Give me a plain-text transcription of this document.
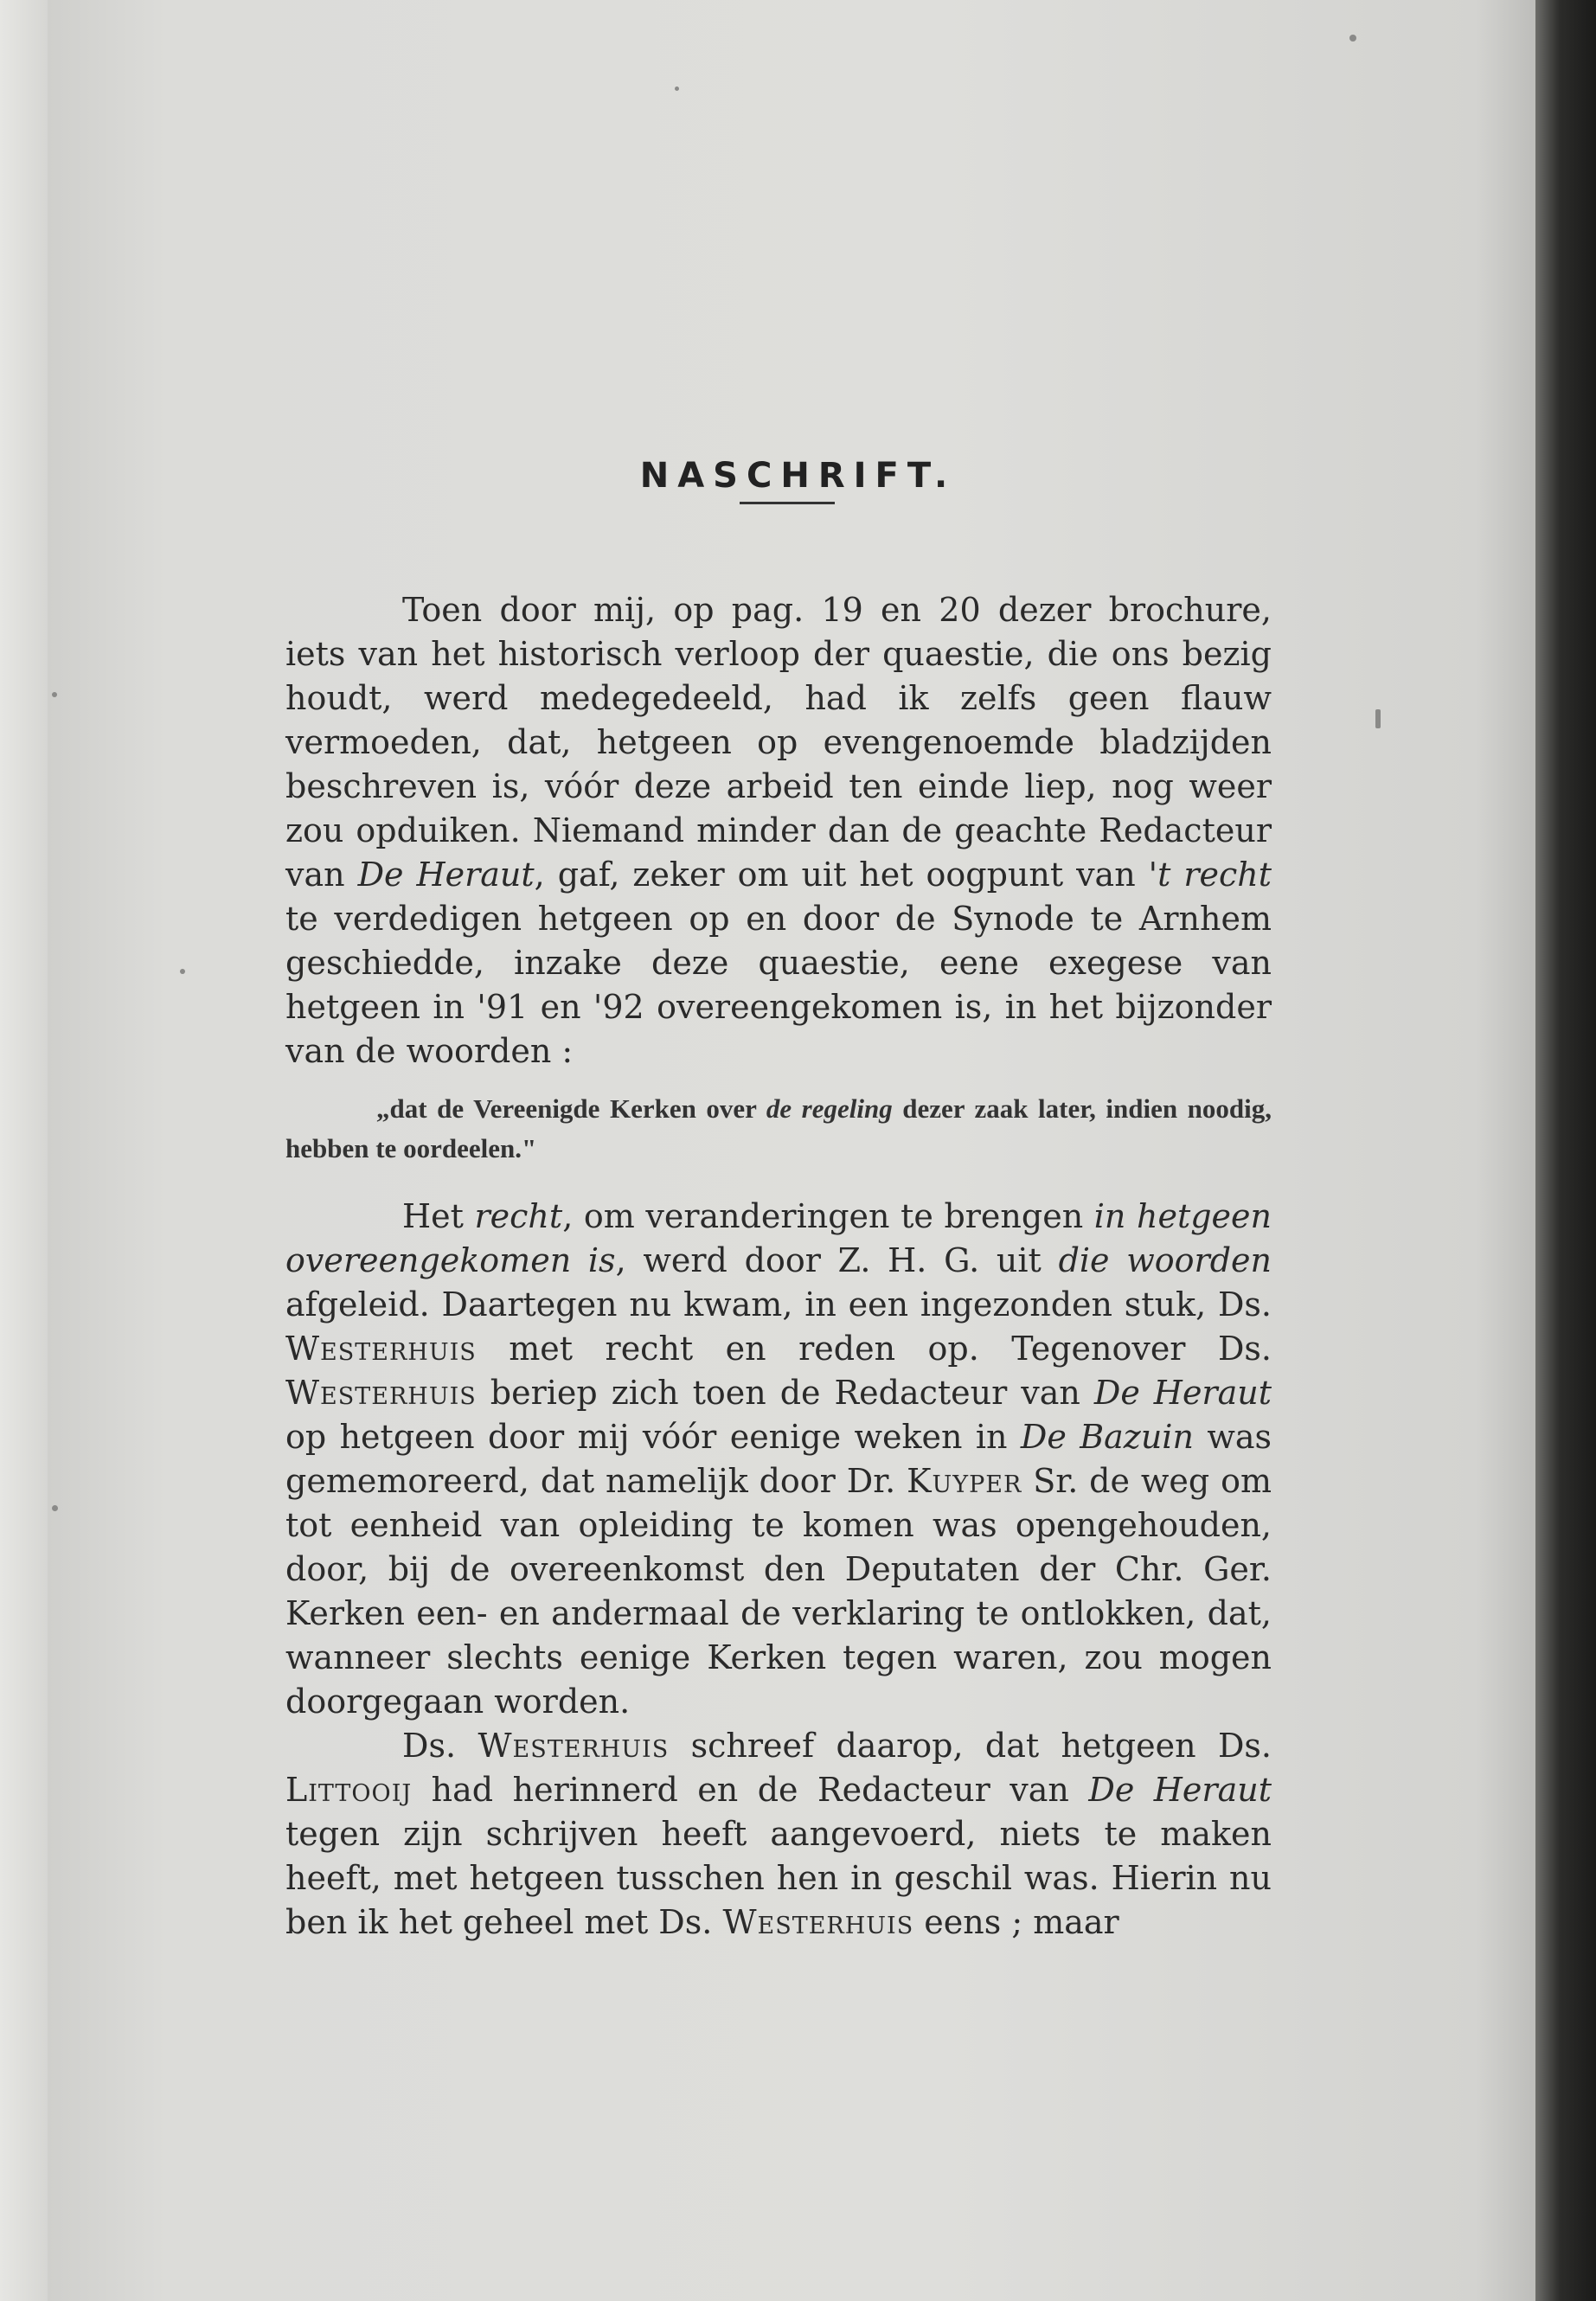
NASCHRIFT.

Toen door mij, op pag. 19 en 20 dezer brochure, iets van het historisch verloop der quaestie, die ons bezig houdt, werd medegedeeld, had ik zelfs geen flauw vermoeden, dat, hetgeen op evengenoemde bladzijden beschreven is, vóór deze arbeid ten einde liep, nog weer zou opduiken. Niemand minder dan de geachte Redacteur van De Heraut, gaf, zeker om uit het oogpunt van 't recht te verdedigen hetgeen op en door de Synode te Arnhem geschiedde, inzake deze quaestie, eene exegese van hetgeen in '91 en '92 overeengekomen is, in het bijzonder van de woorden :

„dat de Vereenigde Kerken over de regeling dezer zaak later, indien noodig, hebben te oordeelen."

Het recht, om veranderingen te brengen in hetgeen overeengekomen is, werd door Z. H. G. uit die woorden afgeleid. Daartegen nu kwam, in een ingezonden stuk, Ds. Westerhuis met recht en reden op. Tegenover Ds. Westerhuis beriep zich toen de Redacteur van De Heraut op hetgeen door mij vóór eenige weken in De Bazuin was gememoreerd, dat namelijk door Dr. Kuyper Sr. de weg om tot eenheid van opleiding te komen was opengehouden, door, bij de overeenkomst den Deputaten der Chr. Ger. Kerken een- en andermaal de verklaring te ontlokken, dat, wanneer slechts eenige Kerken tegen waren, zou mogen doorgegaan worden.

Ds. Westerhuis schreef daarop, dat hetgeen Ds. Littooij had herinnerd en de Redacteur van De Heraut tegen zijn schrijven heeft aangevoerd, niets te maken heeft, met hetgeen tusschen hen in geschil was. Hierin nu ben ik het geheel met Ds. Westerhuis eens ; maar
